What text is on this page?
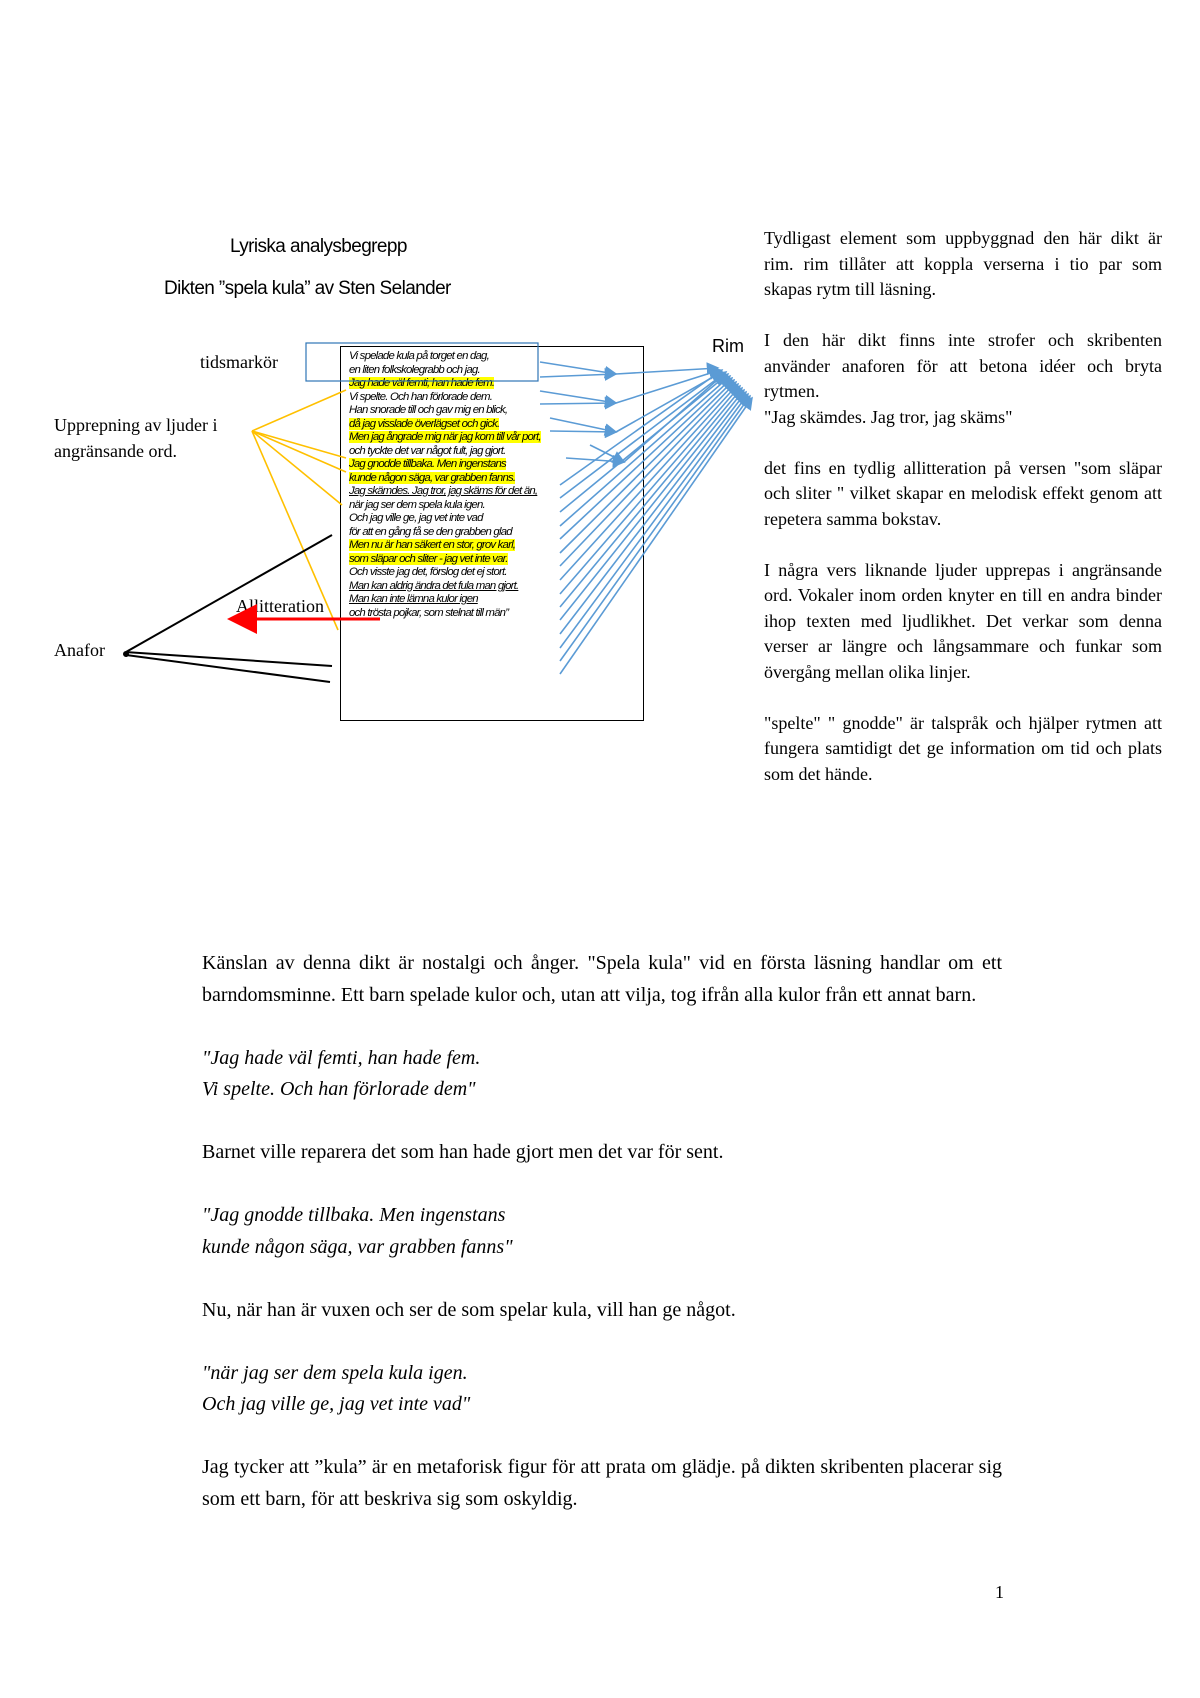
Lyriska analysbegrepp
Dikten ”spela kula” av Sten Selander
tidsmarkör
Upprepning av ljuder i
angränsande ord.
Allitteration
Anafor
Rim
Vi spelade kula på torget en dag,
en liten folkskolegrabb och jag.
Jag hade väl femti, han hade fem.
Vi spelte. Och han förlorade dem.
Han snorade till och gav mig en blick,
då jag visslade överlägset och gick.
Men jag ångrade mig när jag kom till vår port,
och tyckte det var något fult, jag gjort.
Jag gnodde tillbaka. Men ingenstans
kunde någon säga, var grabben fanns.
Jag skämdes. Jag tror, jag skäms för det än,
när jag ser dem spela kula igen.
Och jag ville ge, jag vet inte vad
för att en gång få se den grabben glad
Men nu är han säkert en stor, grov karl,
som släpar och sliter - jag vet inte var.
Och visste jag det, förslog det ej stort.
Man kan aldrig ändra det fula man gjort.
Man kan inte lämna kulor igen
och trösta pojkar, som stelnat till män”

Tydligast element som uppbyggnad den här dikt är rim. rim tillåter att koppla verserna i tio par som skapas rytm till läsning.

I den här dikt finns inte strofer och skribenten använder anaforen för att betona idéer och bryta rytmen.

"Jag skämdes. Jag tror, jag skäms"

det fins en tydlig allitteration på versen "som släpar och sliter " vilket skapar en melodisk effekt genom att repetera samma bokstav.

I några vers liknande ljuder upprepas i angränsande ord. Vokaler inom orden knyter en till en andra binder ihop texten med ljudlikhet. Det verkar som denna verser ar längre och långsammare och funkar som övergång mellan olika linjer.

"spelte" " gnodde" är talspråk och hjälper rytmen att fungera samtidigt det ge information om tid och plats som det hände.

Känslan av denna dikt är nostalgi och ånger. "Spela kula" vid en första läsning handlar om ett barndomsminne. Ett barn spelade kulor och, utan att vilja, tog ifrån alla kulor från ett annat barn.

"Jag hade väl femti, han hade fem.
Vi spelte. Och han förlorade dem"

Barnet ville reparera det som han hade gjort men det var för sent.

"Jag gnodde tillbaka. Men ingenstans
kunde någon säga, var grabben fanns"

Nu, när han är vuxen och ser de som spelar kula, vill han ge något.

"när jag ser dem spela kula igen.
Och jag ville ge, jag vet inte vad"

Jag tycker att ”kula” är en metaforisk figur för att prata om glädje. på dikten skribenten placerar sig som ett barn, för att beskriva sig som oskyldig.

1
